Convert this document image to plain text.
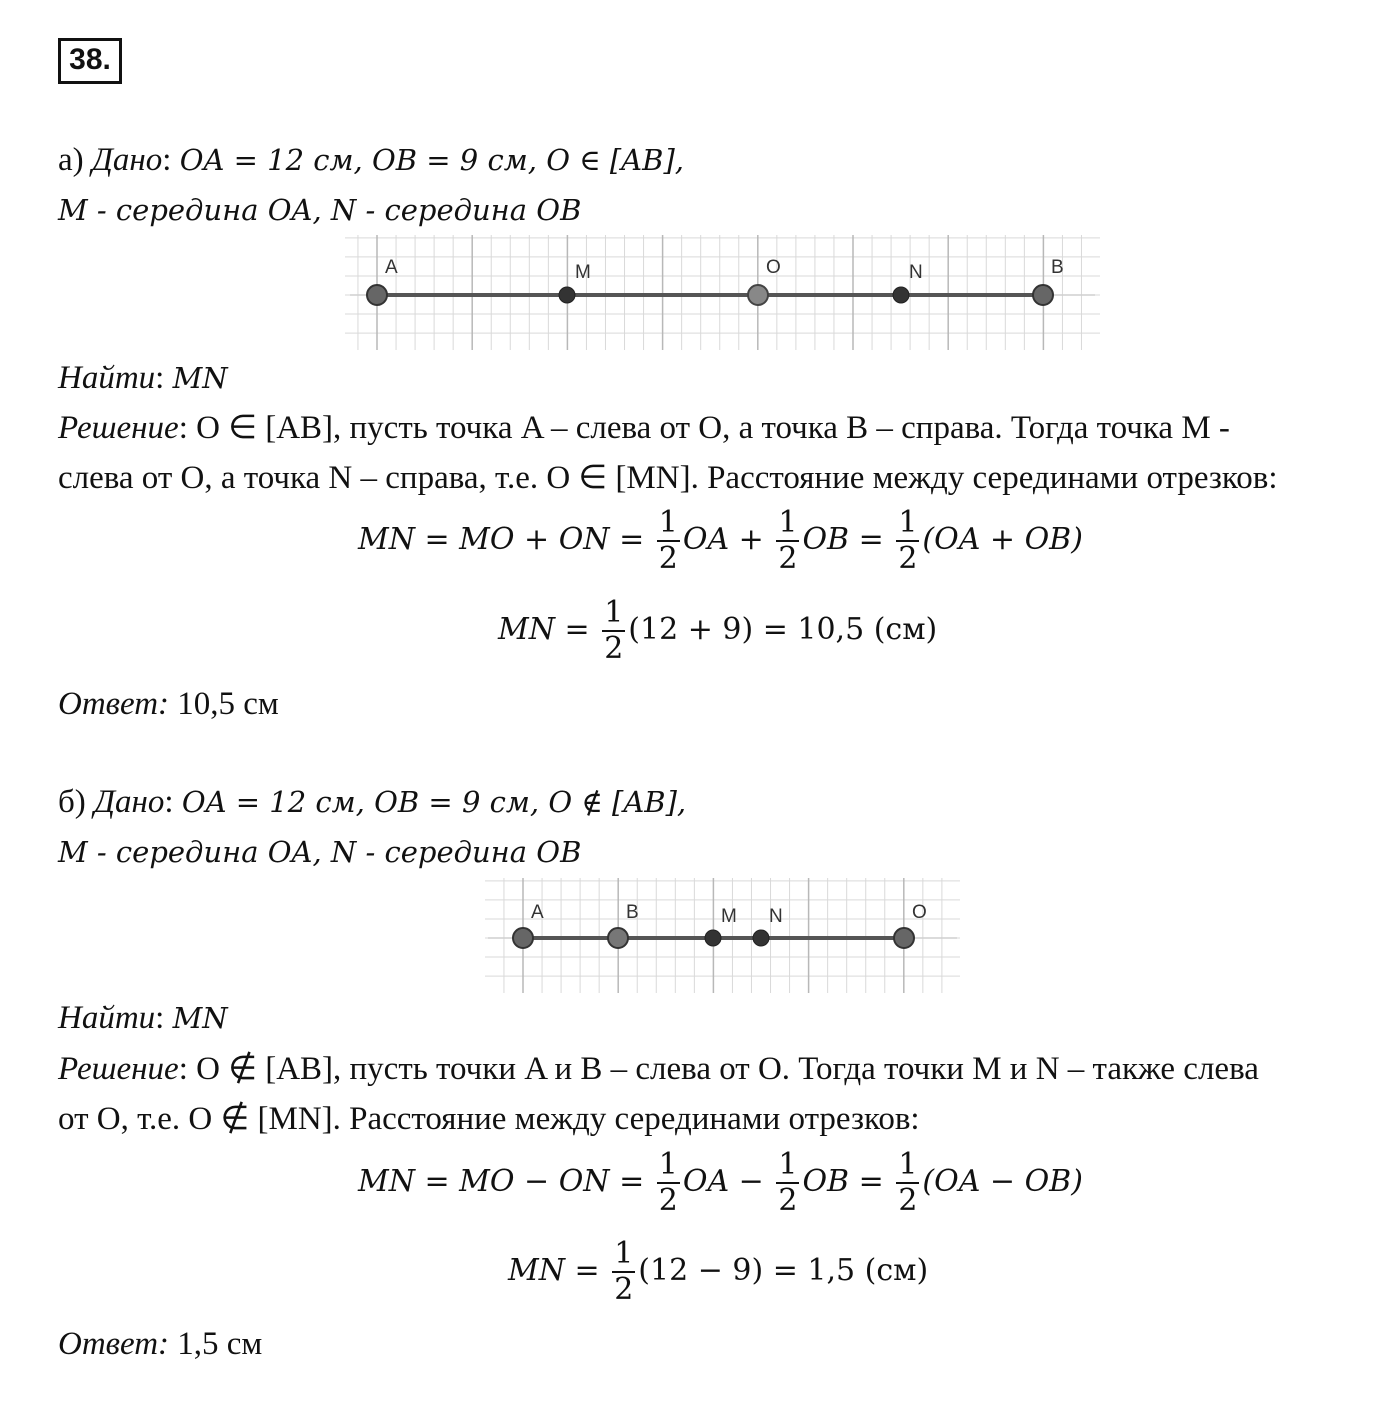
38.
а) Дано: OA = 12 см, OB = 9 см, O ∈ [AB],
M - середина OA, N - середина OB
A	M	O	N	B
Найти: MN
Решение: O ∈ [AB], пусть точка A – слева от O, а точка B – справа. Тогда точка M -
слева от O, а точка N – справа, т.е. O ∈ [MN]. Расстояние между серединами отрезков:
MN = MO + ON = $\frac{1}{2}$ OA + $\frac{1}{2}$ OB = $\frac{1}{2} (OA + OB)$
MN = $\frac{1}{2} (12 + 9) = 10,5$ (см)
Ответ: 10,5 см
б) Дано: OA = 12 см, OB = 9 см, O ∉ [AB],
M - середина OA, N - середина OB
A	B	M N	O
Найти: MN
Решение: O ∉ [AB], пусть точки A и B – слева от O. Тогда точки M и N – также слева
от O, т.е. O ∉ [MN]. Расстояние между серединами отрезков:
MN = MO − ON = $\frac{1}{2}$ OA − $\frac{1}{2}$ OB = $\frac{1}{2} (OA - OB)$
MN = $\frac{1}{2} (12 - 9) = 1,5$ (см)
Ответ: 1,5 см
